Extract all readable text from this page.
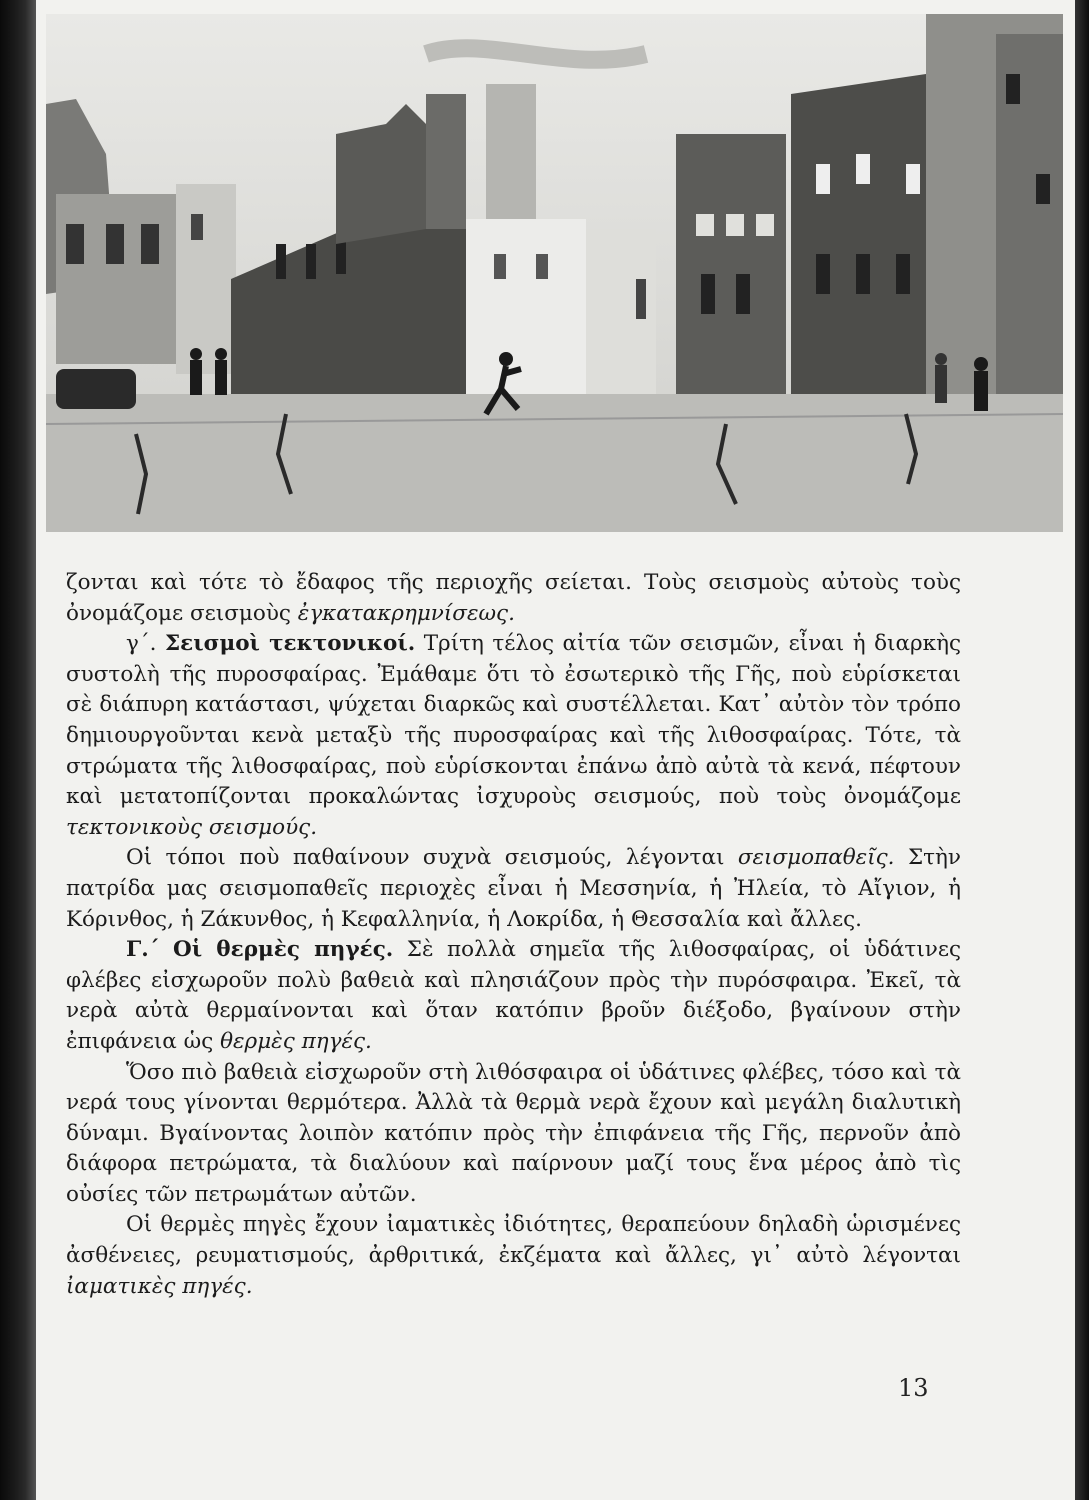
ζονται καὶ τότε τὸ ἔδαφος τῆς περιοχῆς σείεται. Τοὺς σεισμοὺς αὐτοὺς τοὺς ὀνομάζομε σεισμοὺς ἐγκατακρημνίσεως.

γ΄. Σεισμοὶ τεκτονικοί. Τρίτη τέλος αἰτία τῶν σεισμῶν, εἶναι ἡ διαρκὴς συστολὴ τῆς πυροσφαίρας. Ἐμάθαμε ὅτι τὸ ἐσωτερικὸ τῆς Γῆς, ποὺ εὑρίσκεται σὲ διάπυρη κατάστασι, ψύχεται διαρκῶς καὶ συστέλλεται. Κατ᾽ αὐτὸν τὸν τρόπο δημιουργοῦνται κενὰ μεταξὺ τῆς πυροσφαίρας καὶ τῆς λιθοσφαίρας. Τότε, τὰ στρώματα τῆς λιθοσφαίρας, ποὺ εὑρίσκονται ἐπάνω ἀπὸ αὐτὰ τὰ κενά, πέφτουν καὶ μετατοπίζονται προκαλώντας ἰσχυροὺς σεισμούς, ποὺ τοὺς ὀνομάζομε τεκτονικοὺς σεισμούς.

Οἱ τόποι ποὺ παθαίνουν συχνὰ σεισμούς, λέγονται σεισμοπαθεῖς. Στὴν πατρίδα μας σεισμοπαθεῖς περιοχὲς εἶναι ἡ Μεσσηνία, ἡ Ἠλεία, τὸ Αἴγιον, ἡ Κόρινθος, ἡ Ζάκυνθος, ἡ Κεφαλληνία, ἡ Λοκρίδα, ἡ Θεσσαλία καὶ ἄλλες.

Γ.΄ Οἱ θερμὲς πηγές. Σὲ πολλὰ σημεῖα τῆς λιθοσφαίρας, οἱ ὑδάτινες φλέβες εἰσχωροῦν πολὺ βαθειὰ καὶ πλησιάζουν πρὸς τὴν πυρόσφαιρα. Ἐκεῖ, τὰ νερὰ αὐτὰ θερμαίνονται καὶ ὅταν κατόπιν βροῦν διέξοδο, βγαίνουν στὴν ἐπιφάνεια ὡς θερμὲς πηγές.

Ὅσο πιὸ βαθειὰ εἰσχωροῦν στὴ λιθόσφαιρα οἱ ὑδάτινες φλέβες, τόσο καὶ τὰ νερά τους γίνονται θερμότερα. Ἀλλὰ τὰ θερμὰ νερὰ ἔχουν καὶ μεγάλη διαλυτικὴ δύναμι. Βγαίνοντας λοιπὸν κατόπιν πρὸς τὴν ἐπιφάνεια τῆς Γῆς, περνοῦν ἀπὸ διάφορα πετρώματα, τὰ διαλύουν καὶ παίρνουν μαζί τους ἕνα μέρος ἀπὸ τὶς οὐσίες τῶν πετρωμάτων αὐτῶν.

Οἱ θερμὲς πηγὲς ἔχουν ἰαματικὲς ἰδιότητες, θεραπεύουν δηλαδὴ ὡρισμένες ἀσθένειες, ρευματισμούς, ἀρθριτικά, ἐκζέματα καὶ ἄλλες, γι᾽ αὐτὸ λέγονται ἰαματικὲς πηγές.

13
